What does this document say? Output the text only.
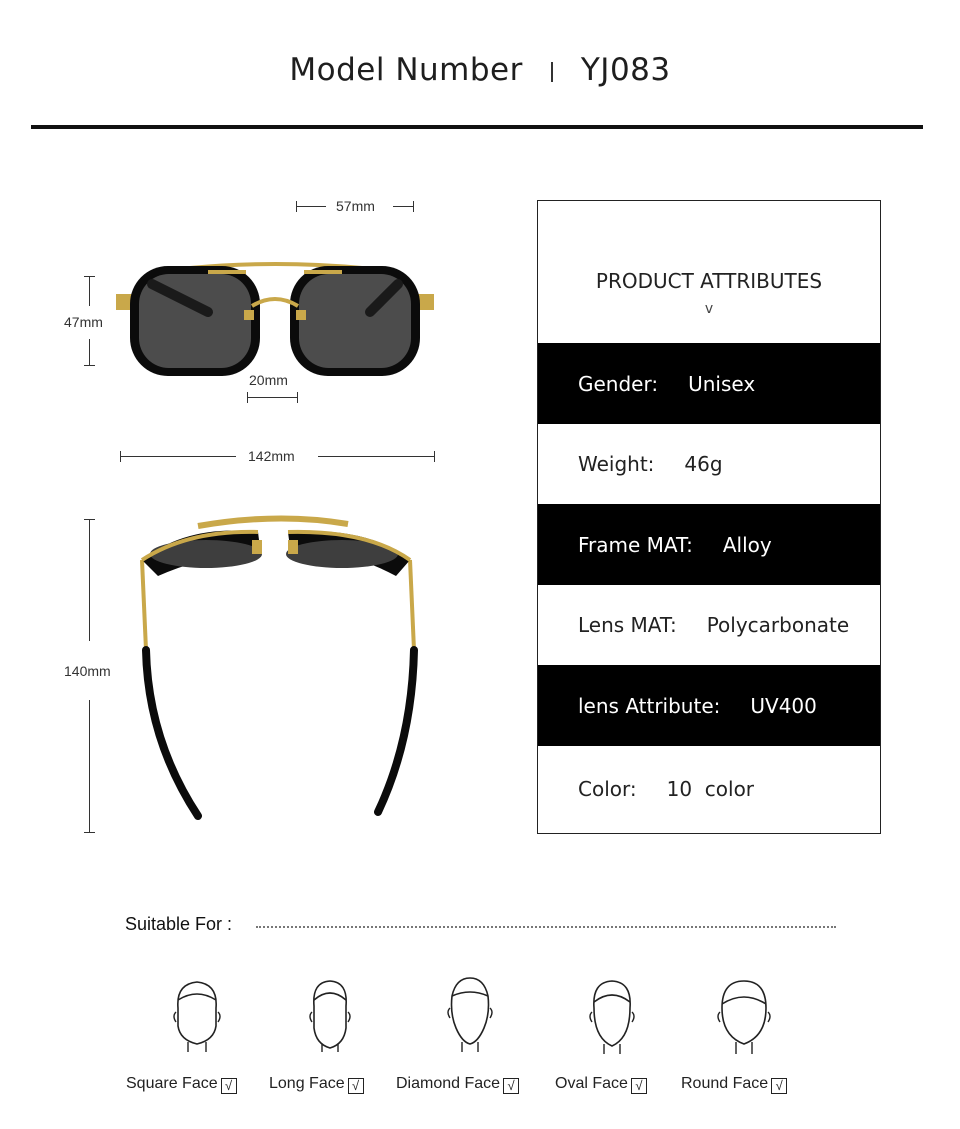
Model Number YJ083
57mm
47mm
20mm
142mm
140mm
PRODUCT ATTRIBUTES
v
Gender: Unisex
Weight: 46g
Frame MAT: Alloy
Lens MAT: Polycarbonate
lens Attribute: UV400
Color: 10  color
Suitable For :
Square Face √ Long Face √ Diamond Face √	Oval Face √ Round Face √
